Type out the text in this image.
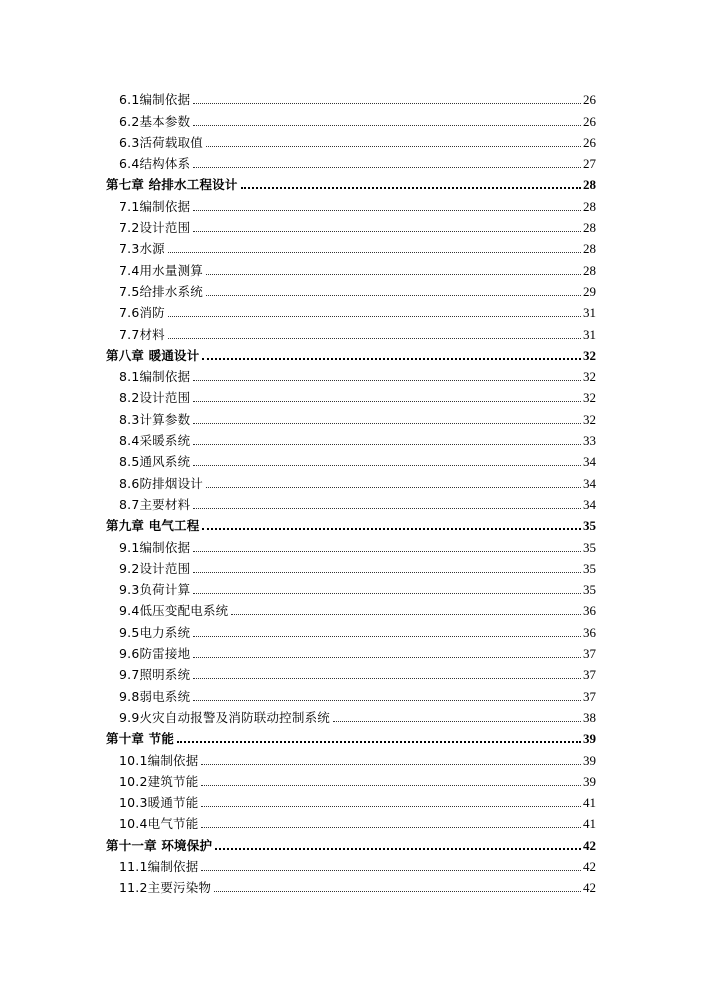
6.1编制依据	26
6.2基本参数	26
6.3活荷载取值	26
6.4结构体系	27
第七章 给排水工程设计	28
7.1编制依据	28
7.2设计范围	28
7.3水源	28
7.4用水量测算	28
7.5给排水系统	29
7.6消防	31
7.7材料	31
第八章 暖通设计	32
8.1编制依据	32
8.2设计范围	32
8.3计算参数	32
8.4采暖系统	33
8.5通风系统	34
8.6防排烟设计	34
8.7主要材料	34
第九章 电气工程	35
9.1编制依据	35
9.2设计范围	35
9.3负荷计算	35
9.4低压变配电系统	36
9.5电力系统	36
9.6防雷接地	37
9.7照明系统	37
9.8弱电系统	37
9.9火灾自动报警及消防联动控制系统	38
第十章 节能	39
10.1编制依据	39
10.2建筑节能	39
10.3暖通节能	41
10.4电气节能	41
第十一章 环境保护	42
11.1编制依据	42
11.2主要污染物	42
